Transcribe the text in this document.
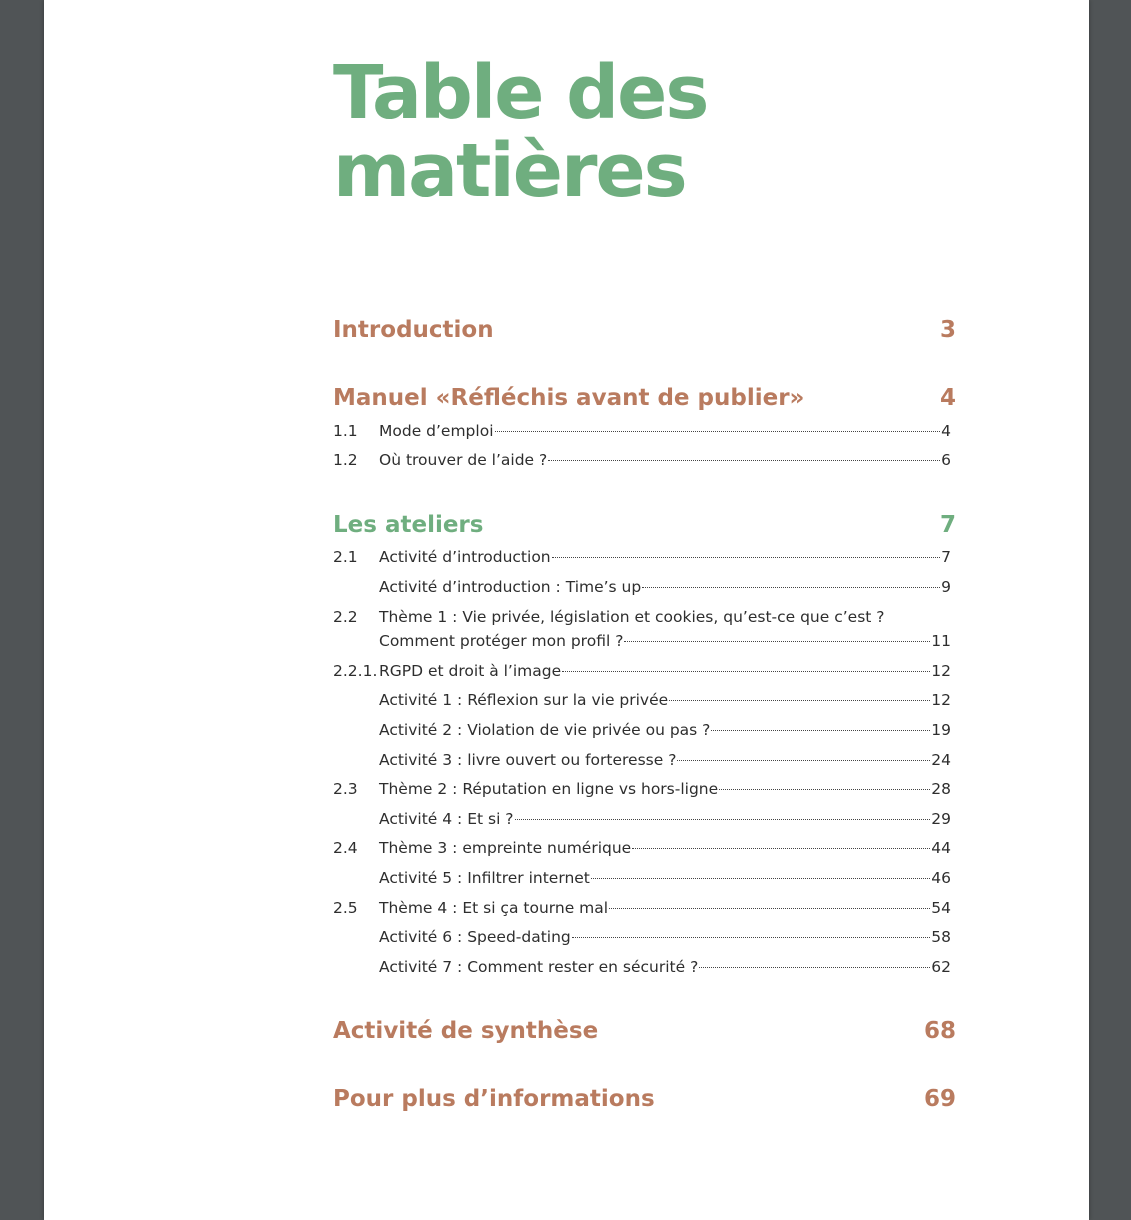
Table des
matières
Introduction	3
Manuel «Réfléchis avant de publier»	4
1.1 Mode d’emploi	4
1.2 Où trouver de l’aide ?	6
Les ateliers	7
2.1 Activité d’introduction	7
Activité d’introduction : Time’s up	9
2.2 Thème 1 : Vie privée, législation et cookies, qu’est-ce que c’est ?
Comment protéger mon profil ?	11
2.2.1. RGPD et droit à l’image	12
Activité 1 : Réflexion sur la vie privée	12
Activité 2 : Violation de vie privée ou pas ?	19
Activité 3 : livre ouvert ou forteresse ?	24
2.3 Thème 2 : Réputation en ligne vs hors-ligne	28
Activité 4 : Et si ?	29
2.4 Thème 3 : empreinte numérique	44
Activité 5 : Infiltrer internet	46
2.5 Thème 4 : Et si ça tourne mal	54
Activité 6 : Speed-dating	58
Activité 7 : Comment rester en sécurité ?	62
Activité de synthèse	68
Pour plus d’informations	69
